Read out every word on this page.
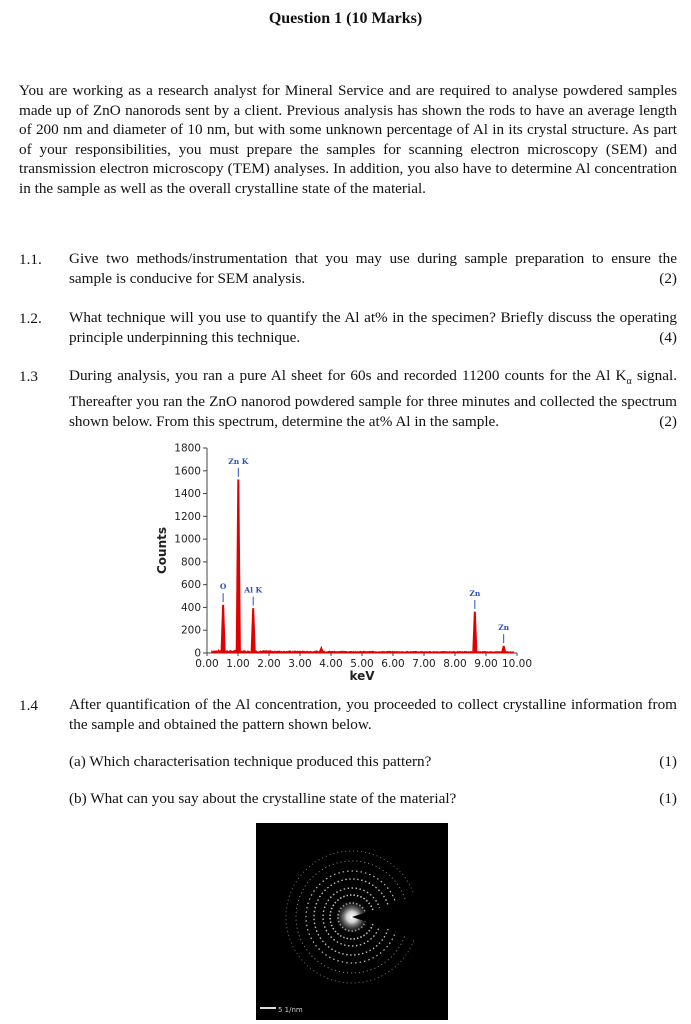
Question 1 (10 Marks)
You are working as a research analyst for Mineral Service and are required to analyse powdered samples made up of ZnO nanorods sent by a client. Previous analysis has shown the rods to have an average length of 200 nm and diameter of 10 nm, but with some unknown percentage of Al in its crystal structure. As part of your responsibilities, you must prepare the samples for scanning electron microscopy (SEM) and transmission electron microscopy (TEM) analyses. In addition, you also have to determine Al concentration in the sample as well as the overall crystalline state of the material.
1.1. Give two methods/instrumentation that you may use during sample preparation to ensure the sample is conducive for SEM analysis.	(2)
1.2. What technique will you use to quantify the Al at% in the specimen? Briefly discuss the operating principle underpinning this technique.	(4)
1.3 During analysis, you ran a pure Al sheet for 60s and recorded 11200 counts for the Al $K_\alpha$ signal. Thereafter you ran the ZnO nanorod powdered sample for three minutes and collected the spectrum shown below. From this spectrum, determine the at% Al in the sample.	(2)
0
200
400
600
800
1000
1200
1400
1600
1800
0.00 1.00 2.00 3.00 4.00 5.00 6.00 7.00 8.00 9.00 10.00
keV
Counts
O
Zn K
Al K	Zn
Zn
1.4 After quantification of the Al concentration, you proceeded to collect crystalline information from the sample and obtained the pattern shown below.
(a) Which characterisation technique produced this pattern?	(1)
(b) What can you say about the crystalline state of the material?	(1)
5 1/nm
